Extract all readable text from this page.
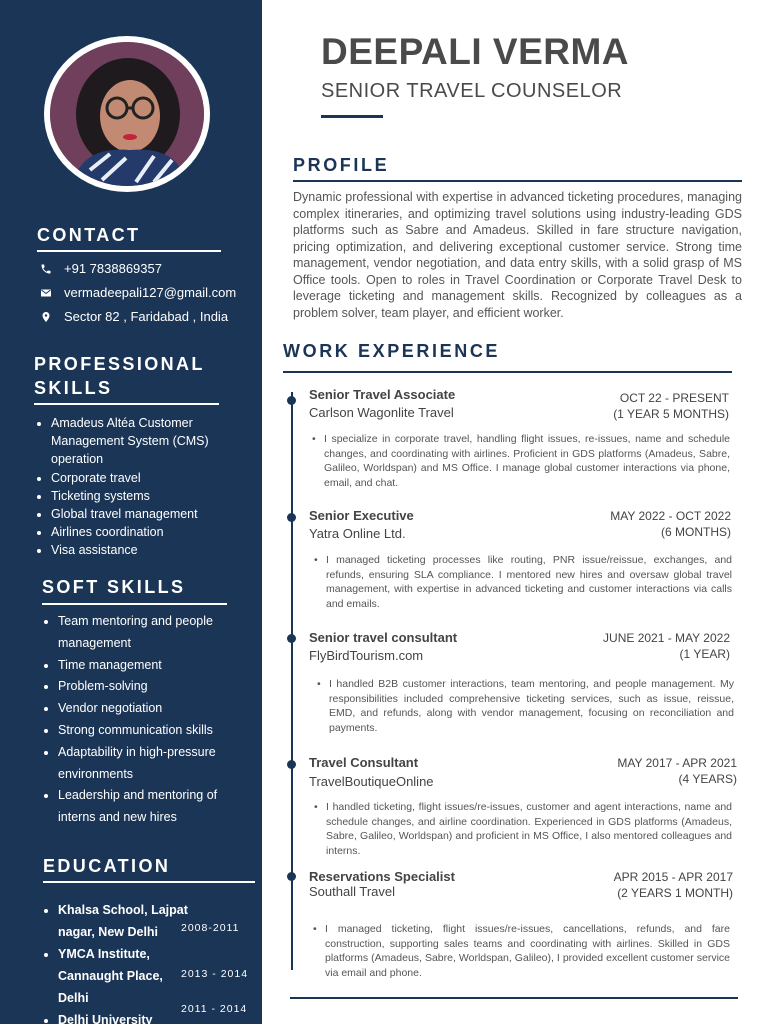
CONTACT
+91 7838869357
vermadeepali127@gmail.com
Sector 82 , Faridabad , India
PROFESSIONAL
SKILLS
• Amadeus Altéa Customer Management System (CMS) operation
• Corporate travel
• Ticketing systems
• Global travel management
• Airlines coordination
• Visa assistance
SOFT SKILLS
• Team mentoring and people management
• Time management
• Problem-solving
• Vendor negotiation
• Strong communication skills
• Adaptability in high-pressure environments
• Leadership and mentoring of interns and new hires
EDUCATION
• Khalsa School, Lajpat nagar, New Delhi
• YMCA Institute, Cannaught Place, Delhi
• Delhi University
2008-2011
2013 - 2014
2011 - 2014
DEEPALI VERMA
SENIOR TRAVEL COUNSELOR
PROFILE

Dynamic professional with expertise in advanced ticketing procedures, managing complex itineraries, and optimizing travel solutions using industry-leading GDS platforms such as Sabre and Amadeus. Skilled in fare structure navigation, pricing optimization, and delivering exceptional customer service. Strong time management, vendor negotiation, and data entry skills, with a solid grasp of MS Office tools. Open to roles in Travel Coordination or Corporate Travel Desk to leverage ticketing and management skills. Recognized by colleagues as a problem solver, team player, and efficient worker.

WORK EXPERIENCE
Senior Travel Associate
Carlson Wagonlite Travel
OCT 22 - PRESENT
(1 YEAR 5 MONTHS)
• I specialize in corporate travel, handling flight issues, re-issues, name and schedule changes, and coordinating with airlines. Proficient in GDS platforms (Amadeus, Sabre, Galileo, Worldspan) and MS Office. I manage global customer interactions via phone, email, and chat.
Senior Executive
Yatra Online Ltd.
MAY 2022 - OCT 2022
(6 MONTHS)
• I managed ticketing processes like routing, PNR issue/reissue, exchanges, and refunds, ensuring SLA compliance. I mentored new hires and oversaw global travel management, with expertise in advanced ticketing and customer interactions via calls and emails.
Senior travel consultant
FlyBirdTourism.com
JUNE 2021 - MAY 2022
(1 YEAR)
• I handled B2B customer interactions, team mentoring, and people management. My responsibilities included comprehensive ticketing services, such as issue, reissue, EMD, and refunds, along with vendor management, focusing on reconciliation and payments.
Travel Consultant
TravelBoutiqueOnline
MAY 2017 - APR 2021
(4 YEARS)
• I handled ticketing, flight issues/re-issues, customer and agent interactions, name and schedule changes, and airline coordination. Experienced in GDS platforms (Amadeus, Sabre, Galileo, Worldspan) and proficient in MS Office, I also mentored colleagues and interns.
Reservations Specialist
Southall Travel
APR 2015 - APR 2017
(2 YEARS 1 MONTH)
• I managed ticketing, flight issues/re-issues, cancellations, refunds, and fare construction, supporting sales teams and coordinating with airlines. Skilled in GDS platforms (Amadeus, Sabre, Worldspan, Galileo), I provided excellent customer service via email and phone.
